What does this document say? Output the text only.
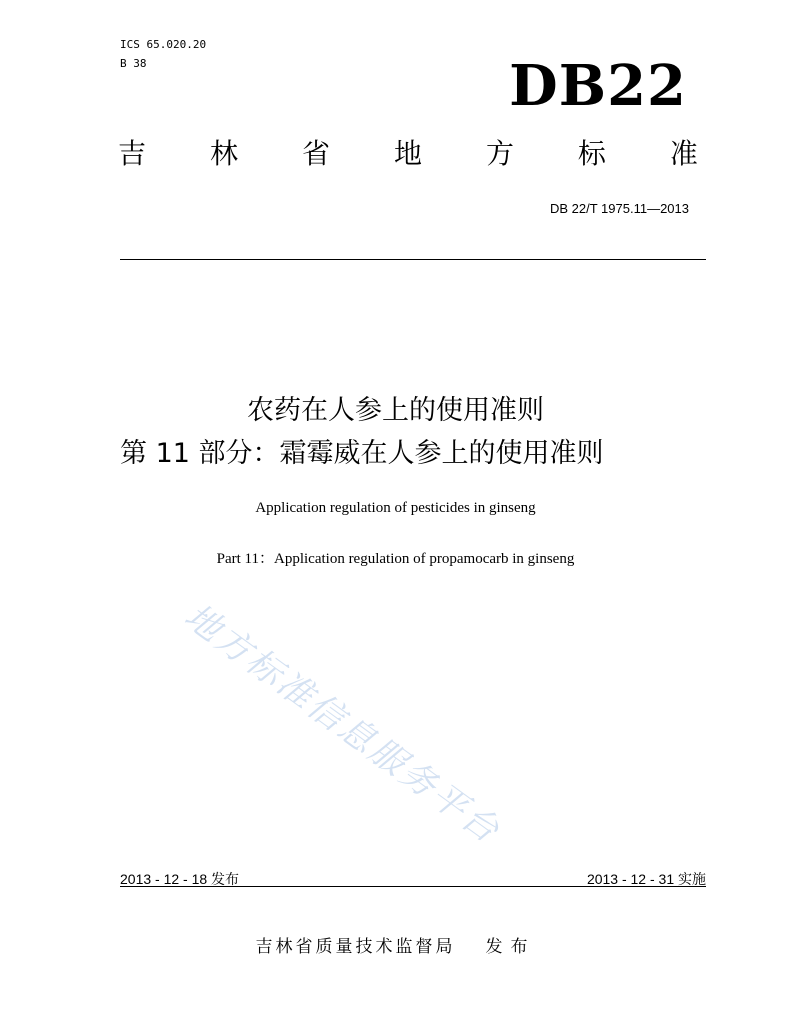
ICS 65.020.20
B 38	DB22
吉 林 省 地 方 标 准
DB 22/T 1975.11—2013
农药在人参上的使用准则
第 11 部分：霜霉威在人参上的使用准则
Application regulation of pesticides in ginseng
Part 11：Application regulation of propamocarb in ginseng
地方标准信息服务平台
2013 - 12 - 18 发布	2013 - 12 - 31 实施
吉林省质量技术监督局 发布
